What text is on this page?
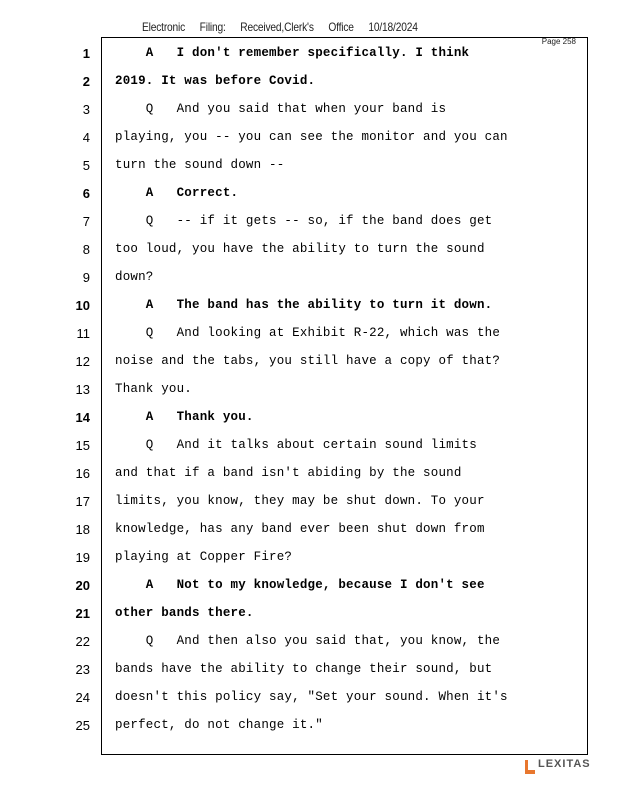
Electronic Filing: Received,Clerk's Office 10/18/2024
Page 258
1 A   I don't remember specifically. I think
2 2019. It was before Covid.
3 Q   And you said that when your band is
4 playing, you -- you can see the monitor and you can
5 turn the sound down --
6 A   Correct.
7 Q   -- if it gets -- so, if the band does get
8 too loud, you have the ability to turn the sound
9 down?
10 A   The band has the ability to turn it down.
11 Q   And looking at Exhibit R-22, which was the
12 noise and the tabs, you still have a copy of that?
13 Thank you.
14 A   Thank you.
15 Q   And it talks about certain sound limits
16 and that if a band isn't abiding by the sound
17 limits, you know, they may be shut down. To your
18 knowledge, has any band ever been shut down from
19 playing at Copper Fire?
20 A   Not to my knowledge, because I don't see
21 other bands there.
22 Q   And then also you said that, you know, the
23 bands have the ability to change their sound, but
24 doesn't this policy say, "Set your sound. When it's
25 perfect, do not change it."
LEXITAS
